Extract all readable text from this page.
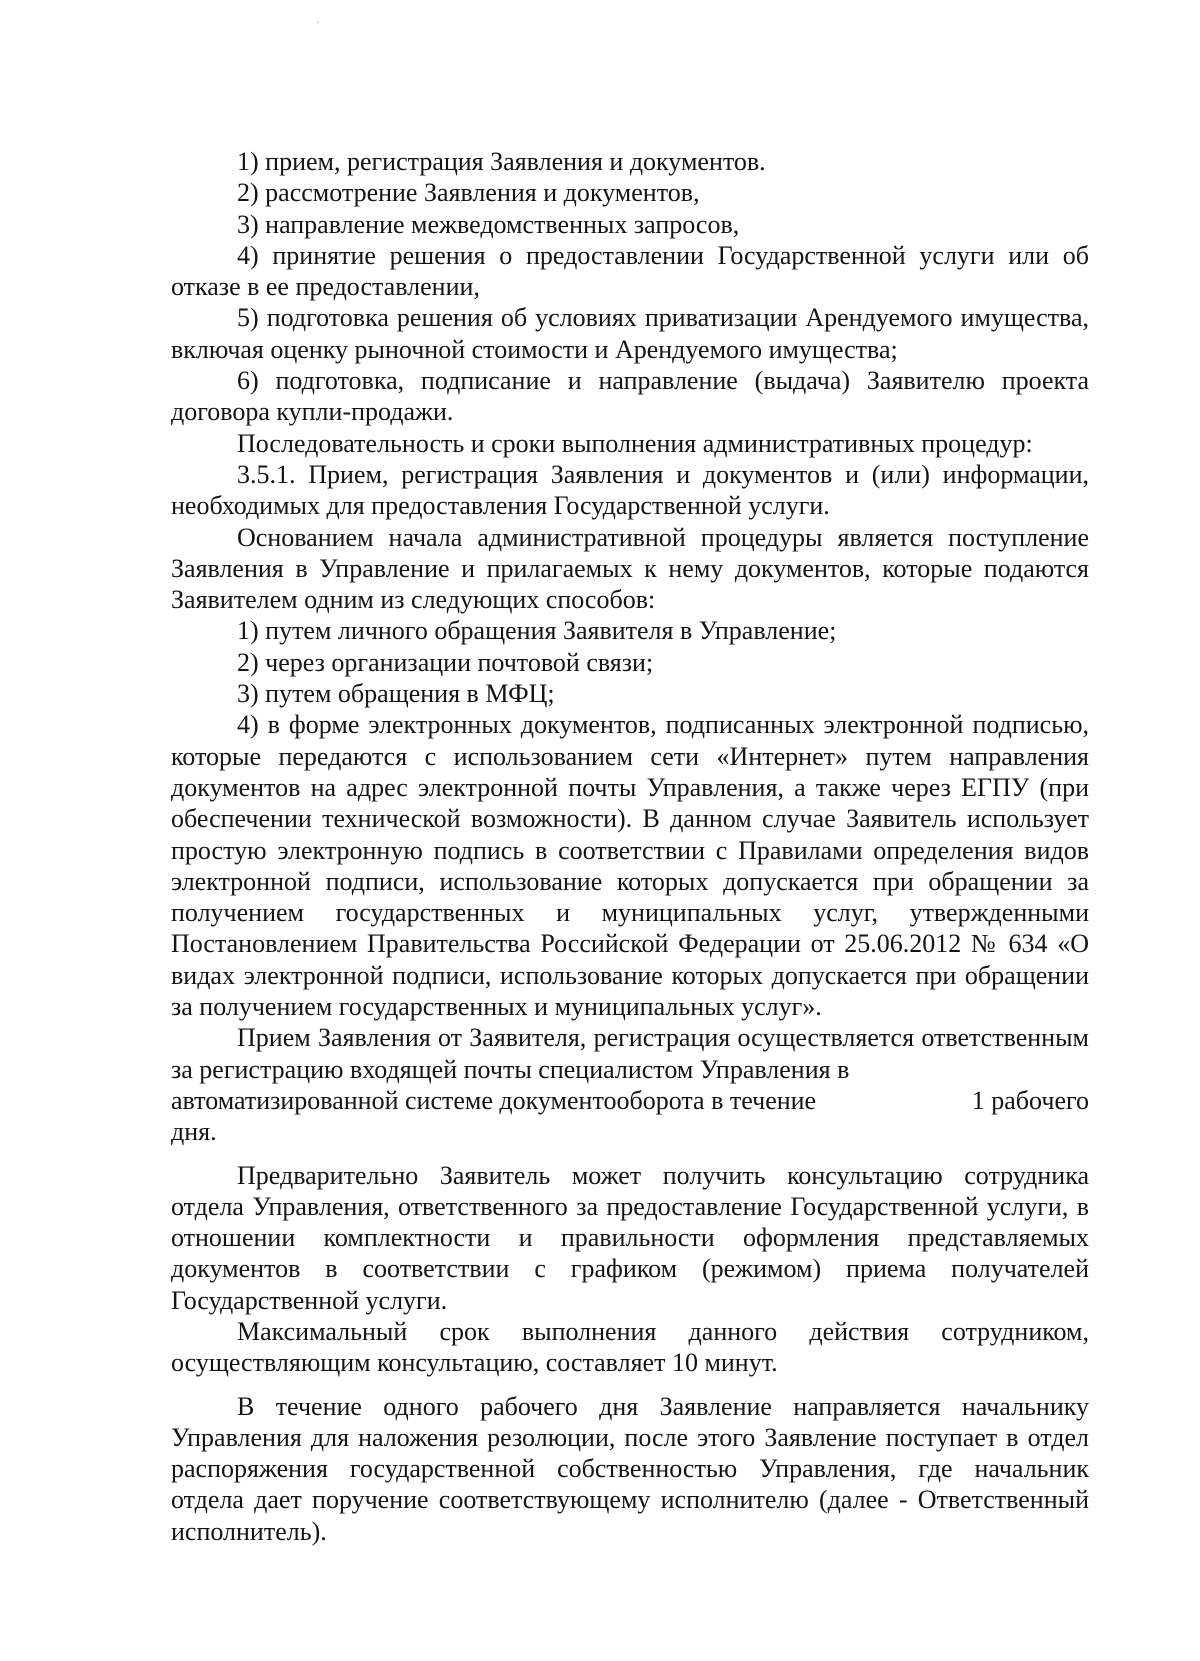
1) прием, регистрация Заявления и документов.

2) рассмотрение Заявления и документов,

3) направление межведомственных запросов,

4) принятие решения о предоставлении Государственной услуги или об отказе в ее предоставлении,

5) подготовка решения об условиях приватизации Арендуемого имущества, включая оценку рыночной стоимости и Арендуемого имущества;

6) подготовка, подписание и направление (выдача) Заявителю проекта договора купли-продажи.

Последовательность и сроки выполнения административных процедур:

3.5.1. Прием, регистрация Заявления и документов и (или) информации, необходимых для предоставления Государственной услуги.

Основанием начала административной процедуры является поступление Заявления в Управление и прилагаемых к нему документов, которые подаются Заявителем одним из следующих способов:

1) путем личного обращения Заявителя в Управление;

2) через организации почтовой связи;

3) путем обращения в МФЦ;

4) в форме электронных документов, подписанных электронной подписью, которые передаются с использованием сети «Интернет» путем направления документов на адрес электронной почты Управления, а также через ЕГПУ (при обеспечении технической возможности). В данном случае Заявитель использует простую электронную подпись в соответствии с Правилами определения видов электронной подписи, использование которых допускается при обращении за получением государственных и муниципальных услуг, утвержденными Постановлением Правительства Российской Федерации от 25.06.2012 № 634 «О видах электронной подписи, использование которых допускается при обращении за получением государственных и муниципальных услуг».

Прием Заявления от Заявителя, регистрация осуществляется ответственным за регистрацию входящей почты специалистом Управления в
автоматизированной системе документооборота в течение	1 рабочего
дня.

Предварительно Заявитель может получить консультацию сотрудника отдела Управления, ответственного за предоставление Государственной услуги, в отношении комплектности и правильности оформления представляемых документов в соответствии с графиком (режимом) приема получателей Государственной услуги.

Максимальный срок выполнения данного действия сотрудником, осуществляющим консультацию, составляет 10 минут.

В течение одного рабочего дня Заявление направляется начальнику Управления для наложения резолюции, после этого Заявление поступает в отдел распоряжения государственной собственностью Управления, где начальник отдела дает поручение соответствующему исполнителю (далее - Ответственный исполнитель).
